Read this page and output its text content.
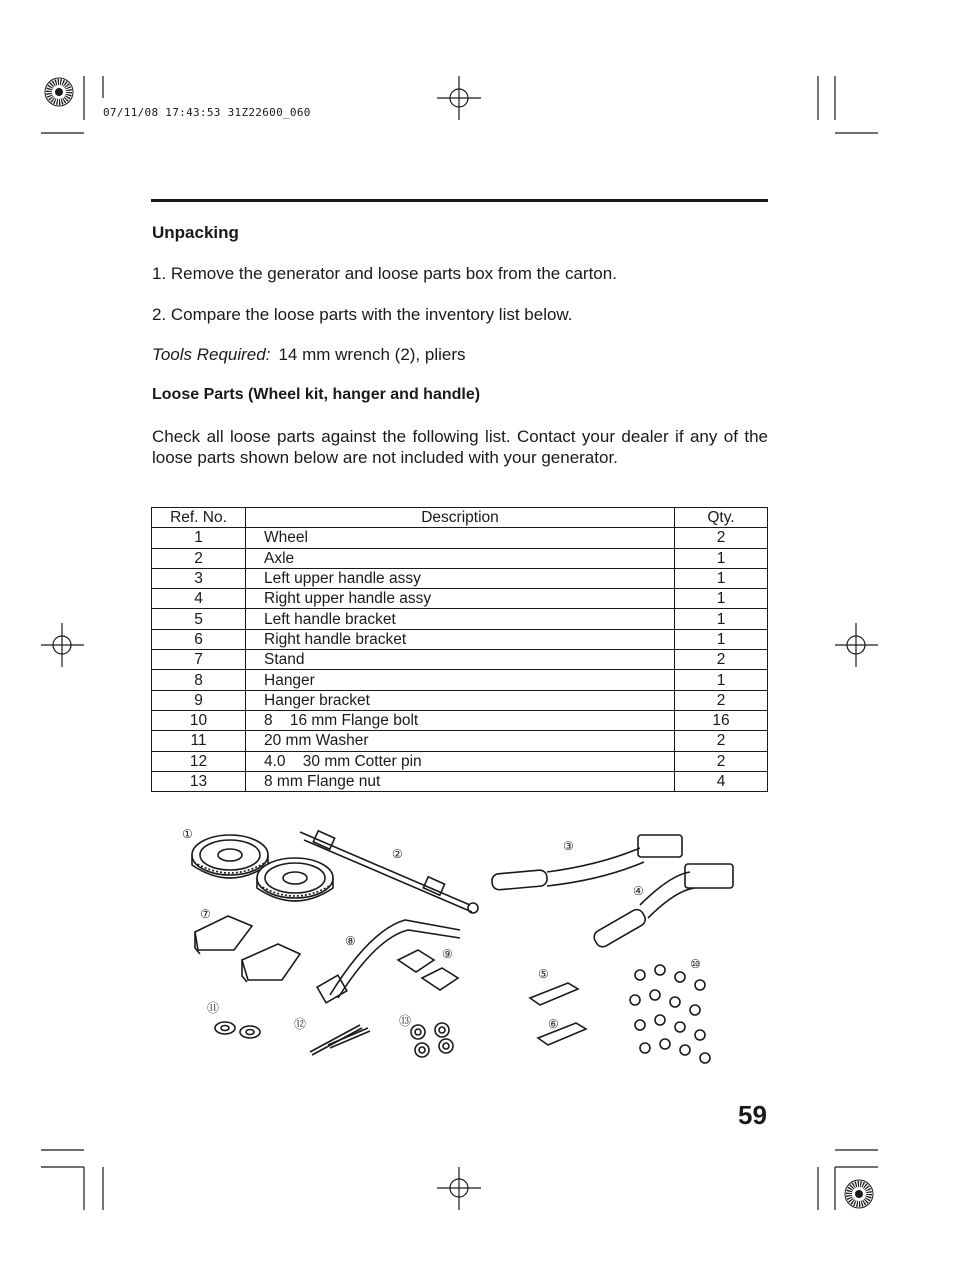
07/11/08 17:43:53 31Z22600_060
Unpacking
1. Remove the generator and loose parts box from the carton.
2. Compare the loose parts with the inventory list below.
Tools Required: 14 mm wrench (2), pliers
Loose Parts (Wheel kit, hanger and handle)
Check all loose parts against the following list. Contact your dealer if any of the loose parts shown below are not included with your generator.
Ref. No.	Description	Qty.
1	Wheel	2
2	Axle	1
3	Left upper handle assy	1
4	Right upper handle assy	1
5	Left handle bracket	1
6	Right handle bracket	1
7	Stand	2
8	Hanger	1
9	Hanger bracket	2
10	8    16 mm Flange bolt	16
11	20 mm Washer	2
12	4.0    30 mm Cotter pin	2
13	8 mm Flange nut	4
①
②
③
④
⑤
⑥
⑦
⑧
⑨
⑩
⑪
⑫	⑬
59
